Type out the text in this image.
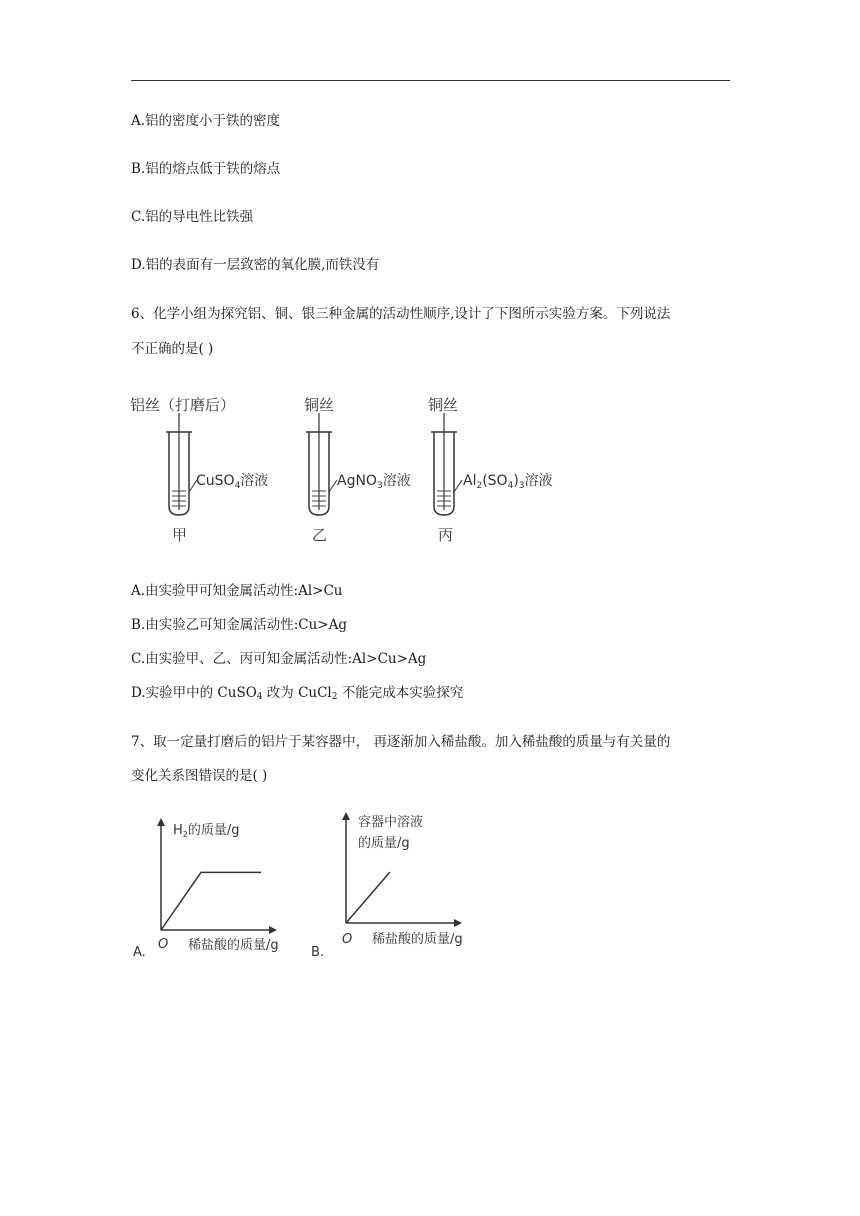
A.铝的密度小于铁的密度
B.铝的熔点低于铁的熔点
C.铝的导电性比铁强
D.铝的表面有一层致密的氧化膜,而铁没有
6、化学小组为探究铝、铜、银三种金属的活动性顺序,设计了下图所示实验方案。下列说法
不正确的是( )
铝丝（打磨后）
CuSO$_4$溶液
甲
铜丝
AgNO$_3$溶液
乙
铜丝
$Al_2(SO_4)_3$溶液
丙
A.由实验甲可知金属活动性:Al>Cu
B.由实验乙可知金属活动性:Cu>Ag
C.由实验甲、乙、丙可知金属活动性:Al>Cu>Ag
D.实验甲中的 CuSO$_4$ 改为 CuCl$_2$ 不能完成本实验探究
7、取一定量打磨后的铝片于某容器中， 再逐渐加入稀盐酸。加入稀盐酸的质量与有关量的
变化关系图错误的是( )
A.
$H_2$的质量/g
O 稀盐酸的质量/g B.
容器中溶液
的质量/g
O 稀盐酸的质量/g
